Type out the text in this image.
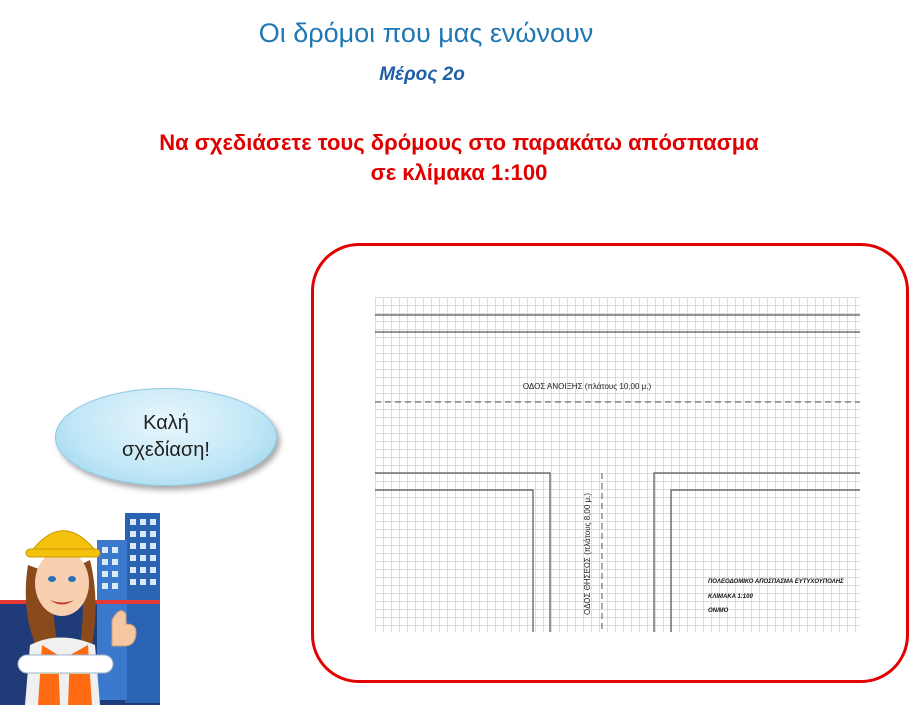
Οι δρόμοι που μας ενώνουν
Μέρος 2ο
Να σχεδιάσετε τους δρόμους στο παρακάτω απόσπασμα
σε κλίμακα 1:100
Καλή
σχεδίαση!
ΟΔΟΣ ΑΝΟΙΞΗΣ (πλάτους 10,00 μ.)
ΟΔΟΣ ΘΗΣΕΩΣ (πλάτους 8,00 μ.)	ΠΟΛΕΟΔΟΜΙΚΟ ΑΠΟΣΠΑΣΜΑ ΕΥΤΥΧΟΥΠΟΛΗΣ
ΚΛΙΜΑΚΑ 1:100
ΟΝ/ΜΟ
